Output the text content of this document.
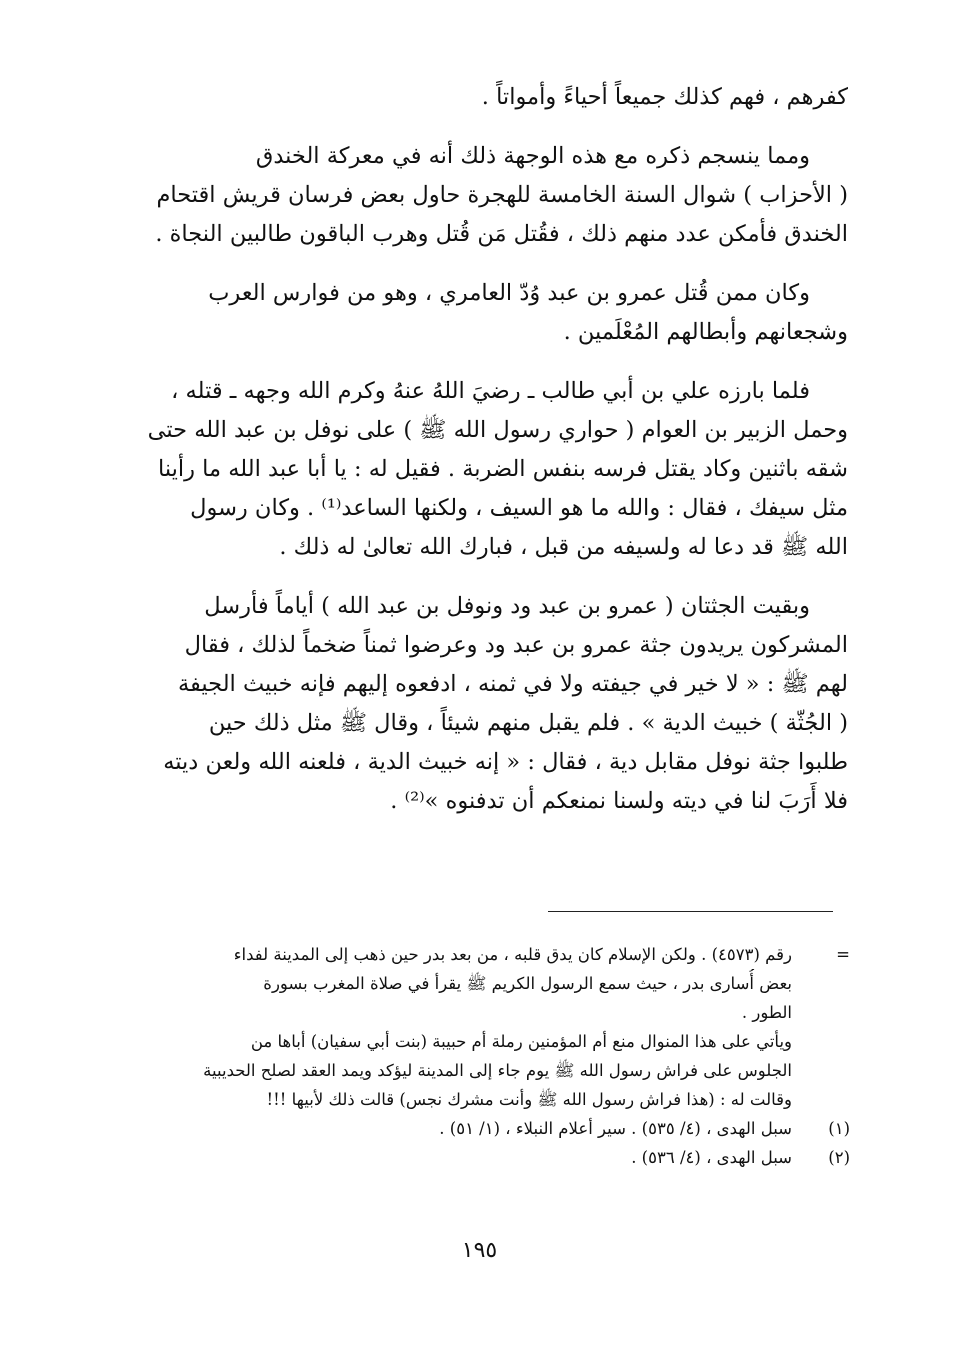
كفرهم ، فهم كذلك جميعاً أحياءً وأمواتاً .
ومما ينسجم ذكره مع هذه الوجهة ذلك أنه في معركة الخندق
( الأحزاب ) شوال السنة الخامسة للهجرة حاول بعض فرسان قريش اقتحام
الخندق فأمكن عدد منهم ذلك ، فقُتل مَن قُتل وهرب الباقون طالبين النجاة .
وكان ممن قُتل عمرو بن عبد وُدّ العامري ، وهو من فوارس العرب
وشجعانهم وأبطالهم المُعْلَمين .
فلما بارزه علي بن أبي طالب ـ رضيَ اللهُ عنهُ وكرم الله وجهه ـ قتله ،
وحمل الزبير بن العوام ( حواري رسول الله ﷺ ) على نوفل بن عبد الله حتى
شقه باثنين وكاد يقتل فرسه بنفس الضربة . فقيل له : يا أبا عبد الله ما رأينا
مثل سيفك ، فقال : والله ما هو السيف ، ولكنها الساعد⁽¹⁾ . وكان رسول
الله ﷺ قد دعا له ولسيفه من قبل ، فبارك الله تعالىٰ له ذلك .
وبقيت الجثتان ( عمرو بن عبد ود ونوفل بن عبد الله ) أياماً فأرسل
المشركون يريدون جثة عمرو بن عبد ود وعرضوا ثمناً ضخماً لذلك ، فقال
لهم ﷺ : « لا خير في جيفته ولا في ثمنه ، ادفعوه إليهم فإنه خبيث الجيفة
( الجُثّة ) خبيث الدية » . فلم يقبل منهم شيئاً ، وقال ﷺ مثل ذلك حين
طلبوا جثة نوفل مقابل دية ، فقال : « إنه خبيث الدية ، فلعنه الله ولعن ديته
فلا أَرَبَ لنا في ديته ولسنا نمنعكم أن تدفنوه »⁽²⁾ .
=رقم (٤٥٧٣) . ولكن الإسلام كان يدق قلبه ، من بعد بدر حين ذهب إلى المدينة لفداء
بعض أُسارى بدر ، حيث سمع الرسول الكريم ﷺ يقرأ في صلاة المغرب بسورة
الطور .
ويأتي على هذا المنوال منع أم المؤمنين رملة أم حبيبة (بنت أبي سفيان) أباها من
الجلوس على فراش رسول الله ﷺ يوم جاء إلى المدينة ليؤكد ويمد العقد لصلح الحديبية
وقالت له : (هذا فراش رسول الله ﷺ وأنت مشرك نجس) قالت ذلك لأبيها !!!
(١)سبل الهدى ، (٤/ ٥٣٥) . سير أعلام النبلاء ، (١/ ٥١) .
(٢)سبل الهدى ، (٤/ ٥٣٦) .
١٩٥
